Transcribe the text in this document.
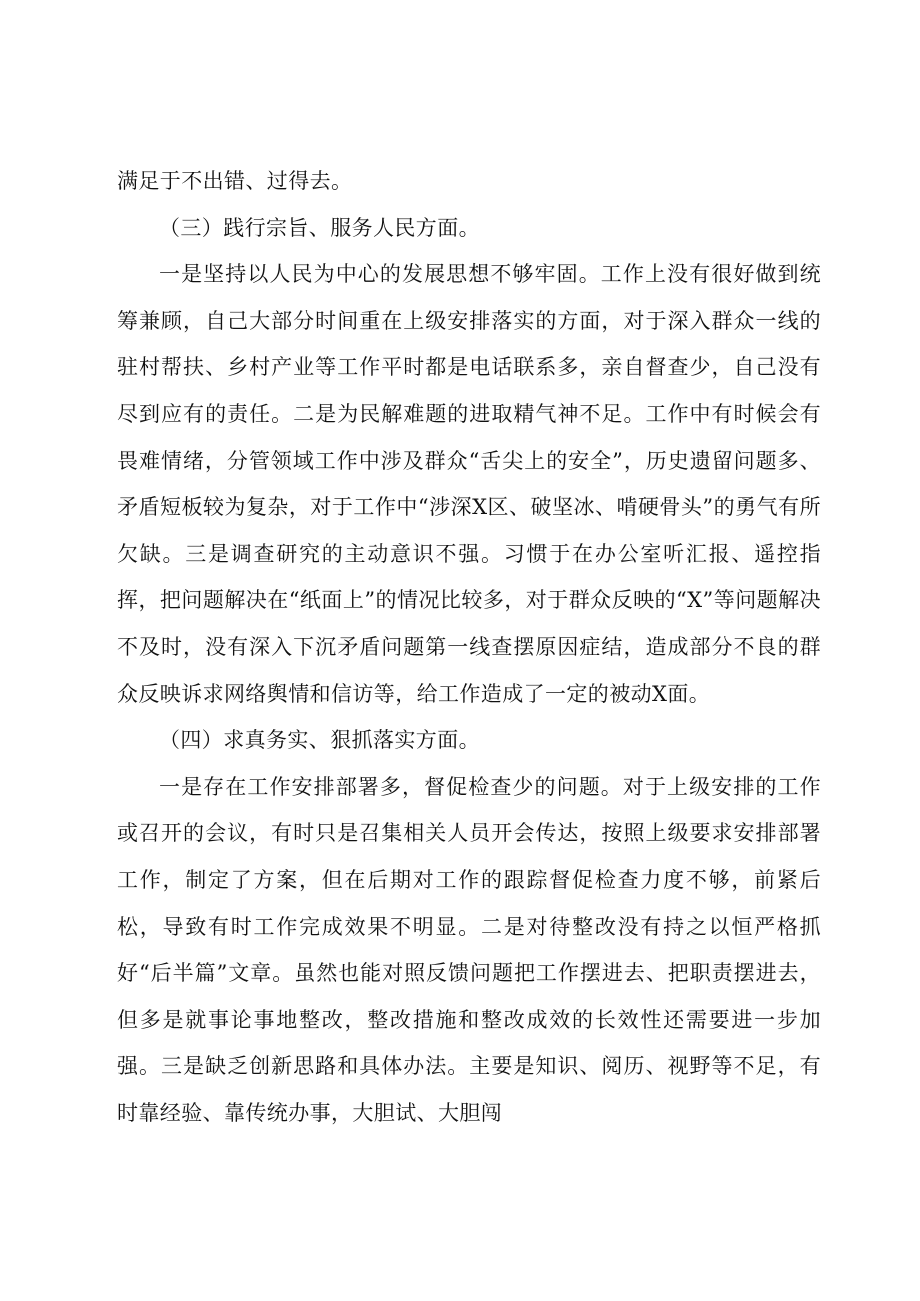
满足于不出错、过得去。

（三）践行宗旨、服务人民方面。

一是坚持以人民为中心的发展思想不够牢固。工作上没有很好做到统筹兼顾，自己大部分时间重在上级安排落实的方面，对于深入群众一线的驻村帮扶、乡村产业等工作平时都是电话联系多，亲自督查少，自己没有尽到应有的责任。二是为民解难题的进取精气神不足。工作中有时候会有畏难情绪，分管领域工作中涉及群众“舌尖上的安全”，历史遗留问题多、矛盾短板较为复杂，对于工作中“涉深X区、破坚冰、啃硬骨头”的勇气有所欠缺。三是调查研究的主动意识不强。习惯于在办公室听汇报、遥控指挥，把问题解决在“纸面上”的情况比较多，对于群众反映的“X”等问题解决不及时，没有深入下沉矛盾问题第一线查摆原因症结，造成部分不良的群众反映诉求网络舆情和信访等，给工作造成了一定的被动X面。

（四）求真务实、狠抓落实方面。

一是存在工作安排部署多，督促检查少的问题。对于上级安排的工作或召开的会议，有时只是召集相关人员开会传达，按照上级要求安排部署工作，制定了方案，但在后期对工作的跟踪督促检查力度不够，前紧后松，导致有时工作完成效果不明显。二是对待整改没有持之以恒严格抓好“后半篇”文章。虽然也能对照反馈问题把工作摆进去、把职责摆进去，但多是就事论事地整改，整改措施和整改成效的长效性还需要进一步加强。三是缺乏创新思路和具体办法。主要是知识、阅历、视野等不足，有时靠经验、靠传统办事，大胆试、大胆闯
